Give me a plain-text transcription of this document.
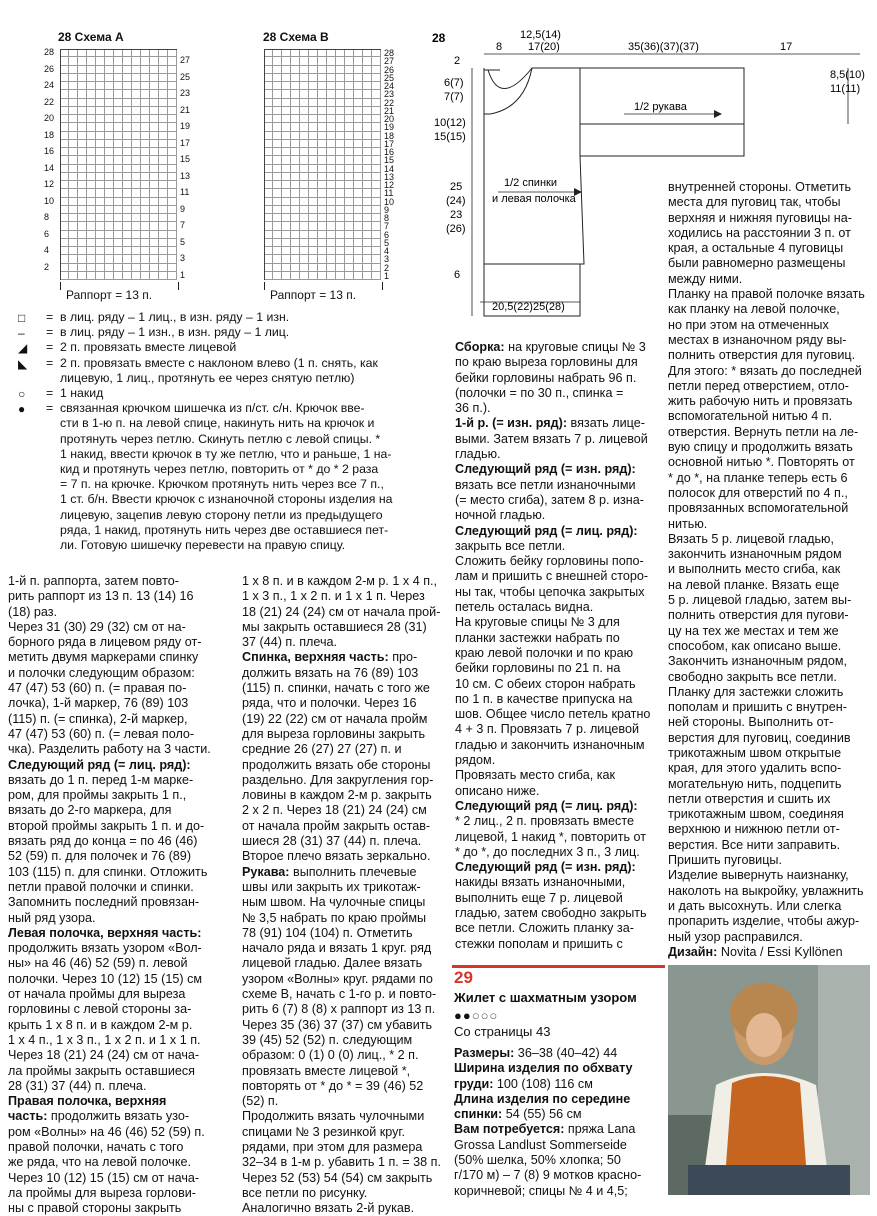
28 Схема А
28
26
24
22
20
18
16
14
12
10
8
6
4
2
27
25
23
21
19
17
15
13
11
9
7
5
3
1
Раппорт = 13 п.
28 Схема В
28
27
26
25
24
23
22
21
20
19
18
17
16
15
14
13
12
11
10
9
8
7
6
5
4
3
2
1
Раппорт = 13 п.
28	12,5(14)
17(20)
8	35(36)(37)(37)	17
2
6(7)
7(7)
10(12)
15(15)
25
(24)
23
(26)
6
8,5(10)
11(11)
1/2 рукава
1/2 спинки
и левая полочка
20,5(22)25(28)
□	= в лиц. ряду – 1 лиц., в изн. ряду – 1 изн.
–	= в лиц. ряду – 1 изн., в изн. ряду – 1 лиц.
◢	= 2 п. провязать вместе лицевой
◣	= 2 п. провязать вместе с наклоном влево (1 п. снять, как
лицевую, 1 лиц., протянуть ее через снятую петлю)
○	= 1 накид
●	= связанная крючком шишечка из п/ст. с/н. Крючок вве-
сти в 1-ю п. на левой спице, накинуть нить на крючок и
протянуть через петлю. Скинуть петлю с левой спицы. *
1 накид, ввести крючок в ту же петлю, что и раньше, 1 на-
кид и протянуть через петлю, повторить от * до * 2 раза
= 7 п. на крючке. Крючком протянуть нить через все 7 п.,
1 ст. б/н. Ввести крючок с изнаночной стороны изделия на
лицевую, зацепив левую сторону петли из предыдущего
ряда, 1 накид, протянуть нить через две оставшиеся пет-
ли. Готовую шишечку перевести на правую спицу.
1-й п. раппорта, затем повто-
рить раппорт из 13 п. 13 (14) 16
(18) раз.
Через 31 (30) 29 (32) см от на-
борного ряда в лицевом ряду от-
метить двумя маркерами спинку
и полочки следующим образом:
47 (47) 53 (60) п. (= правая по-
лочка), 1-й маркер, 76 (89) 103
(115) п. (= спинка), 2-й маркер,
47 (47) 53 (60) п. (= левая поло-
чка). Разделить работу на 3 части.
Следующий ряд (= лиц. ряд):
вязать до 1 п. перед 1-м марке-
ром, для проймы закрыть 1 п.,
вязать до 2-го маркера, для
второй проймы закрыть 1 п. и до-
вязать ряд до конца = по 46 (46)
52 (59) п. для полочек и 76 (89)
103 (115) п. для спинки. Отложить
петли правой полочки и спинки.
Запомнить последний провязан-
ный ряд узора.
Левая полочка, верхняя часть:
продолжить вязать узором «Вол-
ны» на 46 (46) 52 (59) п. левой
полочки. Через 10 (12) 15 (15) см
от начала проймы для выреза
горловины с левой стороны за-
крыть 1 х 8 п. и в каждом 2-м р.
1 х 4 п., 1 х 3 п., 1 х 2 п. и 1 х 1 п.
Через 18 (21) 24 (24) см от нача-
ла проймы закрыть оставшиеся
28 (31) 37 (44) п. плеча.
Правая полочка, верхняя
часть: продолжить вязать узо-
ром «Волны» на 46 (46) 52 (59) п.
правой полочки, начать с того
же ряда, что на левой полочке.
Через 10 (12) 15 (15) см от нача-
ла проймы для выреза горлови-
ны с правой стороны закрыть
1 х 8 п. и в каждом 2-м р. 1 х 4 п.,
1 х 3 п., 1 х 2 п. и 1 х 1 п. Через
18 (21) 24 (24) см от начала прой-
мы закрыть оставшиеся 28 (31)
37 (44) п. плеча.
Спинка, верхняя часть: про-
должить вязать на 76 (89) 103
(115) п. спинки, начать с того же
ряда, что и полочки. Через 16
(19) 22 (22) см от начала пройм
для выреза горловины закрыть
средние 26 (27) 27 (27) п. и
продолжить вязать обе стороны
раздельно. Для закругления гор-
ловины в каждом 2-м р. закрыть
2 х 2 п. Через 18 (21) 24 (24) см
от начала пройм закрыть остав-
шиеся 28 (31) 37 (44) п. плеча.
Второе плечо вязать зеркально.
Рукава: выполнить плечевые
швы или закрыть их трикотаж-
ным швом. На чулочные спицы
№ 3,5 набрать по краю проймы
78 (91) 104 (104) п. Отметить
начало ряда и вязать 1 круг. ряд
лицевой гладью. Далее вязать
узором «Волны» круг. рядами по
схеме В, начать с 1-го р. и повто-
рить 6 (7) 8 (8) х раппорт из 13 п.
Через 35 (36) 37 (37) см убавить
39 (45) 52 (52) п. следующим
образом: 0 (1) 0 (0) лиц., * 2 п.
провязать вместе лицевой *,
повторять от * до * = 39 (46) 52
(52) п.
Продолжить вязать чулочными
спицами № 3 резинкой круг.
рядами, при этом для размера
32–34 в 1-м р. убавить 1 п. = 38 п.
Через 52 (53) 54 (54) см закрыть
все петли по рисунку.
Аналогично вязать 2-й рукав.
Сборка: на круговые спицы № 3
по краю выреза горловины для
бейки горловины набрать 96 п.
(полочки = по 30 п., спинка =
36 п.).
1-й р. (= изн. ряд): вязать лице-
выми. Затем вязать 7 р. лицевой
гладью.
Следующий ряд (= изн. ряд):
вязать все петли изнаночными
(= место сгиба), затем 8 р. изна-
ночной гладью.
Следующий ряд (= лиц. ряд):
закрыть все петли.
Сложить бейку горловины попо-
лам и пришить с внешней сторо-
ны так, чтобы цепочка закрытых
петель осталась видна.
На круговые спицы № 3 для
планки застежки набрать по
краю левой полочки и по краю
бейки горловины по 21 п. на
10 см. С обеих сторон набрать
по 1 п. в качестве припуска на
шов. Общее число петель кратно
4 + 3 п. Провязать 7 р. лицевой
гладью и закончить изнаночным
рядом.
Провязать место сгиба, как
описано ниже.
Следующий ряд (= лиц. ряд):
* 2 лиц., 2 п. провязать вместе
лицевой, 1 накид *, повторить от
* до *, до последних 3 п., 3 лиц.
Следующий ряд (= изн. ряд):
накиды вязать изнаночными,
выполнить еще 7 р. лицевой
гладью, затем свободно закрыть
все петли. Сложить планку за-
стежки пополам и пришить с
внутренней стороны. Отметить
места для пуговиц так, чтобы
верхняя и нижняя пуговицы на-
ходились на расстоянии 3 п. от
края, а остальные 4 пуговицы
были равномерно размещены
между ними.
Планку на правой полочке вязать
как планку на левой полочке,
но при этом на отмеченных
местах в изнаночном ряду вы-
полнить отверстия для пуговиц.
Для этого: * вязать до последней
петли перед отверстием, отло-
жить рабочую нить и провязать
вспомогательной нитью 4 п.
отверстия. Вернуть петли на ле-
вую спицу и продолжить вязать
основной нитью *. Повторять от
* до *, на планке теперь есть 6
полосок для отверстий по 4 п.,
провязанных вспомогательной
нитью.
Вязать 5 р. лицевой гладью,
закончить изнаночным рядом
и выполнить место сгиба, как
на левой планке. Вязать еще
5 р. лицевой гладью, затем вы-
полнить отверстия для пугови-
цу на тех же местах и тем же
способом, как описано выше.
Закончить изнаночным рядом,
свободно закрыть все петли.
Планку для застежки сложить
пополам и пришить с внутрен-
ней стороны. Выполнить от-
верстия для пуговиц, соединив
трикотажным швом открытые
края, для этого удалить вспо-
могательную нить, подцепить
петли отверстия и сшить их
трикотажным швом, соединяя
верхнюю и нижнюю петли от-
верстия. Все нити заправить.
Пришить пуговицы.
Изделие вывернуть наизнанку,
наколоть на выкройку, увлажнить
и дать высохнуть. Или слегка
пропарить изделие, чтобы ажур-
ный узор расправился.
Дизайн: Novita / Essi Kyllönen
29
Жилет с шахматным узором
●●○○○
Со страницы 43
Размеры: 36–38 (40–42) 44
Ширина изделия по обхвату
груди: 100 (108) 116 см
Длина изделия по середине
спинки: 54 (55) 56 см
Вам потребуется: пряжа Lana
Grossa Landlust Sommerseide
(50% шелка, 50% хлопка; 50
г/170 м) – 7 (8) 9 мотков красно-
коричневой; спицы № 4 и 4,5;
